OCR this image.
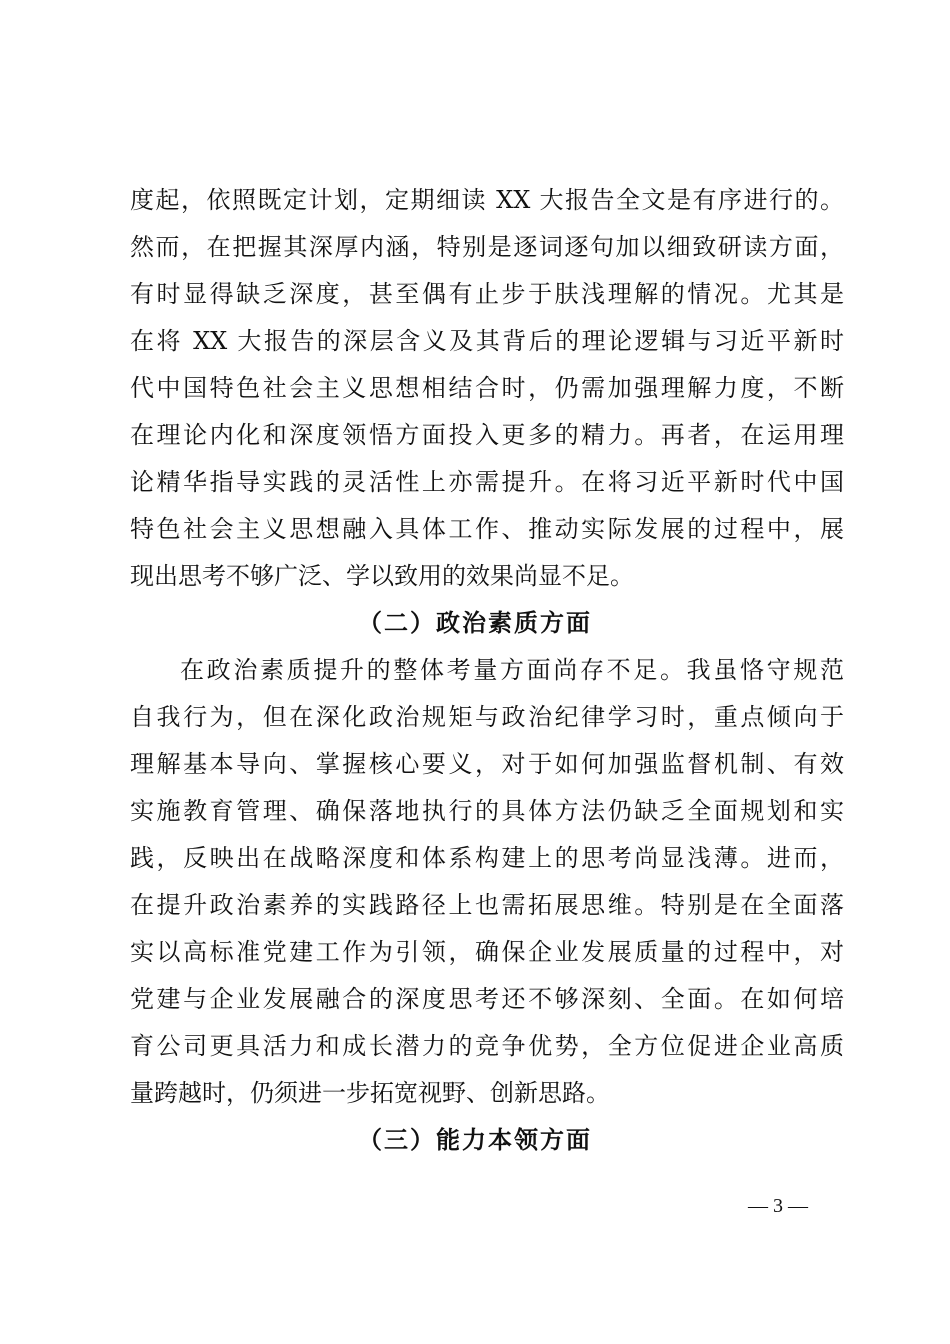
度起，依照既定计划，定期细读 XX 大报告全文是有序进行的。
然而，在把握其深厚内涵，特别是逐词逐句加以细致研读方面，
有时显得缺乏深度，甚至偶有止步于肤浅理解的情况。尤其是
在将 XX 大报告的深层含义及其背后的理论逻辑与习近平新时
代中国特色社会主义思想相结合时，仍需加强理解力度，不断
在理论内化和深度领悟方面投入更多的精力。再者，在运用理
论精华指导实践的灵活性上亦需提升。在将习近平新时代中国
特色社会主义思想融入具体工作、推动实际发展的过程中，展
现出思考不够广泛、学以致用的效果尚显不足。
（二）政治素质方面
在政治素质提升的整体考量方面尚存不足。我虽恪守规范
自我行为，但在深化政治规矩与政治纪律学习时，重点倾向于
理解基本导向、掌握核心要义，对于如何加强监督机制、有效
实施教育管理、确保落地执行的具体方法仍缺乏全面规划和实
践，反映出在战略深度和体系构建上的思考尚显浅薄。进而，
在提升政治素养的实践路径上也需拓展思维。特别是在全面落
实以高标准党建工作为引领，确保企业发展质量的过程中，对
党建与企业发展融合的深度思考还不够深刻、全面。在如何培
育公司更具活力和成长潜力的竞争优势，全方位促进企业高质
量跨越时，仍须进一步拓宽视野、创新思路。
（三）能力本领方面
— 3 —
